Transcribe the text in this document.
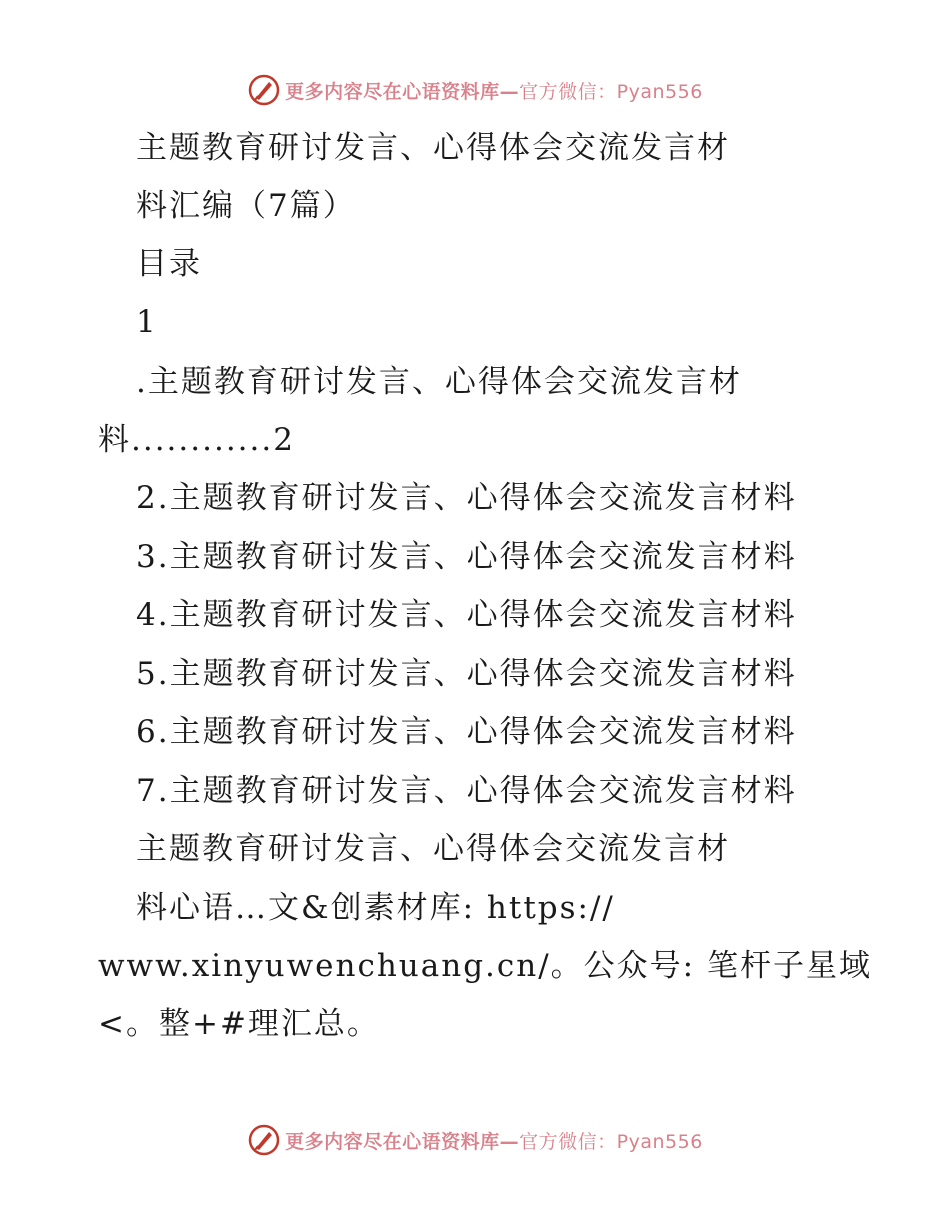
更多内容尽在心语资料库—官方微信：Pyan556
主题教育研讨发言、心得体会交流发言材
料汇编（7篇）
目录
1
.主题教育研讨发言、心得体会交流发言材
料............2
2.主题教育研讨发言、心得体会交流发言材料
3.主题教育研讨发言、心得体会交流发言材料
4.主题教育研讨发言、心得体会交流发言材料
5.主题教育研讨发言、心得体会交流发言材料
6.主题教育研讨发言、心得体会交流发言材料
7.主题教育研讨发言、心得体会交流发言材料
主题教育研讨发言、心得体会交流发言材
料心语…文&创素材库: https://
www.xinyuwenchuang.cn/。公众号: 笔杆子星域
<。整+#理汇总。
更多内容尽在心语资料库—官方微信：Pyan556
